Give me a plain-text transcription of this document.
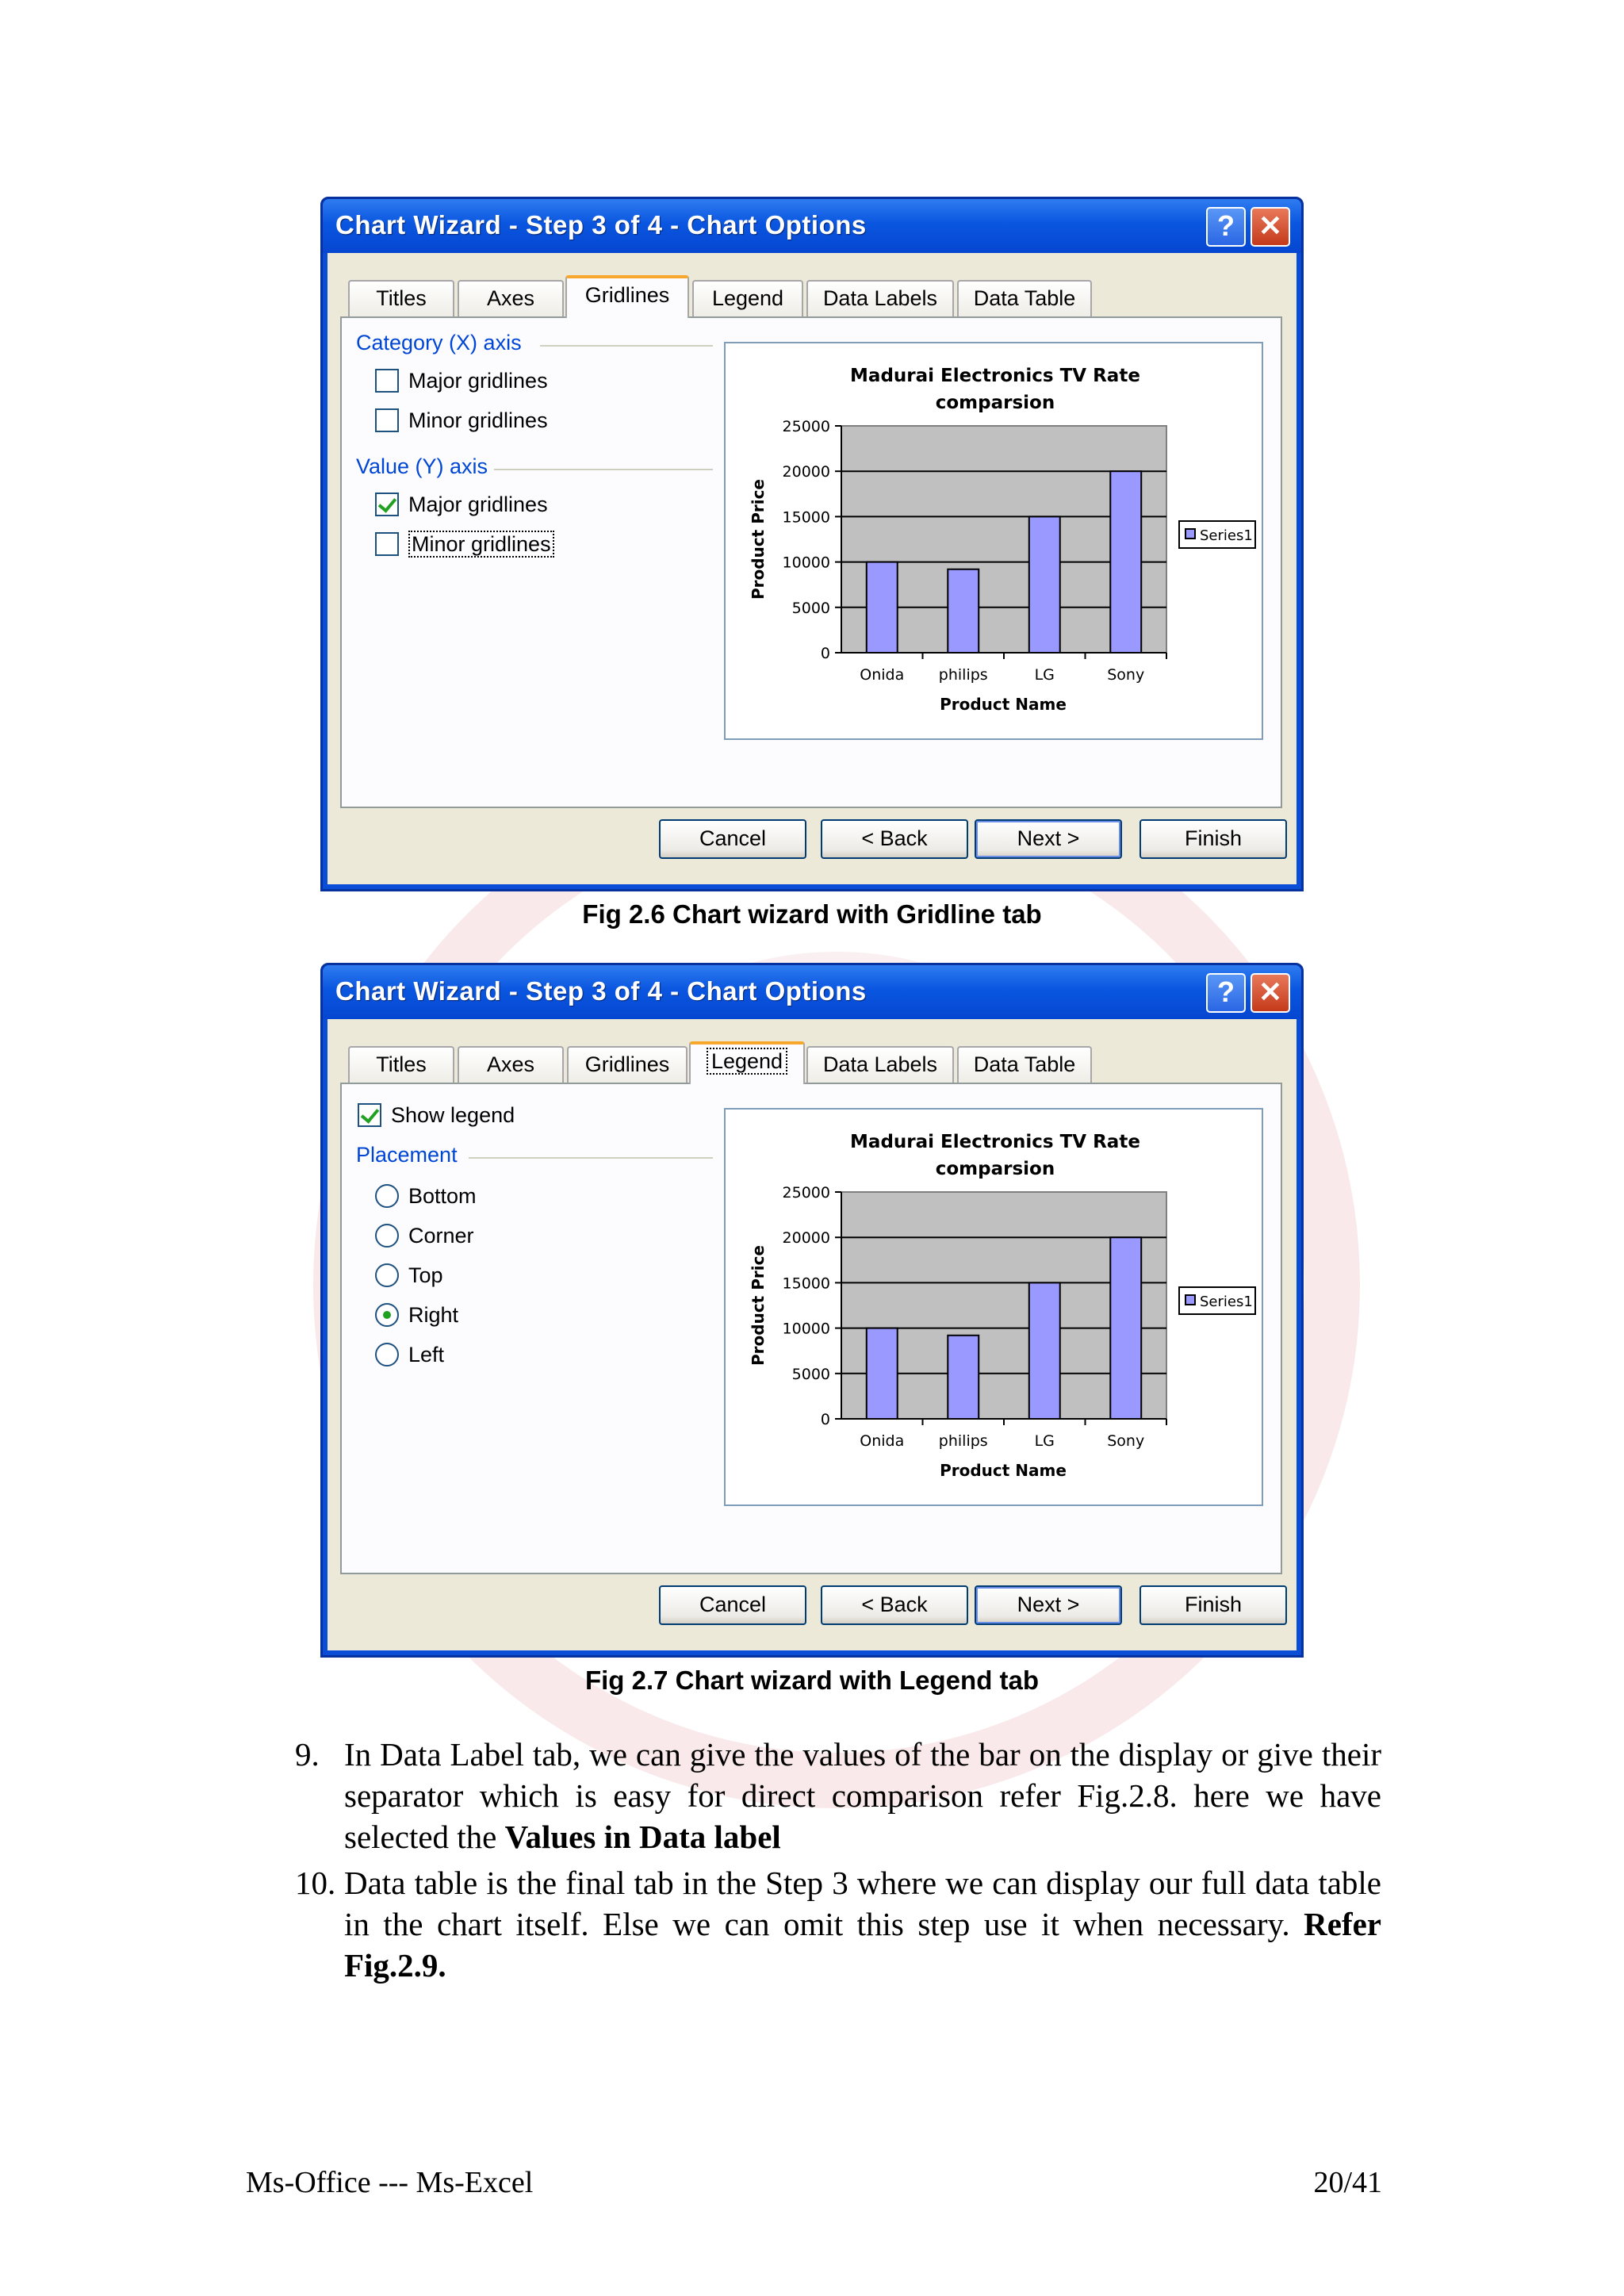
Chart Wizard - Step 3 of 4 - Chart Options	? ✕
Titles	Axes	Gridlines	Legend	Data Labels	Data Table
Category (X) axis
Major gridlines
Minor gridlines
Value (Y) axis
Major gridlines
Minor gridlines
Madurai Electronics TV Rate
comparsion
0
5000
10000
15000
20000
25000
Onida philips	LG	Sony
Product Name
Product Price	Series1
Cancel	< Back	Next >	Finish
Fig 2.6 Chart wizard with Gridline tab
Chart Wizard - Step 3 of 4 - Chart Options	? ✕
Titles	Axes	Gridlines	Legend	Data Labels	Data Table
Show legend
Placement
Bottom
Corner
Top
Right
Left
Madurai Electronics TV Rate
comparsion
0
5000
10000
15000
20000
25000
Onida philips	LG	Sony
Product Name
Product Price	Series1
Cancel	< Back	Next >	Finish
Fig 2.7 Chart wizard with Legend tab
9. In Data Label tab, we can give the values of the bar on the display or give their separator which is easy for direct comparison refer Fig.2.8. here we have selected the Values in Data label
10. Data table is the final tab in the Step 3 where we can display our full data table in the chart itself. Else we can omit this step use it when necessary. Refer Fig.2.9.
Ms-Office --- Ms-Excel	20/41
